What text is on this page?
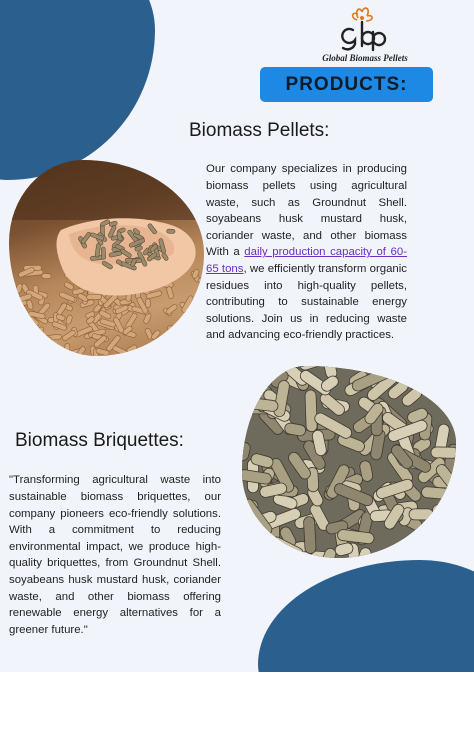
Global Biomass Pellets
PRODUCTS:
Biomass Pellets:

Our company specializes in producing biomass pellets using agricultural waste, such as Groundnut Shell. soyabeans husk mustard husk, coriander waste, and other biomass With a daily production capacity of 60-65 tons, we efficiently transform organic residues into high-quality pellets, contributing to sustainable energy solutions. Join us in reducing waste and advancing eco-friendly practices.

Biomass Briquettes:

"Transforming agricultural waste into sustainable biomass briquettes, our company pioneers eco-friendly solutions. With a commitment to reducing environmental impact, we produce high-quality briquettes, from Groundnut Shell. soyabeans husk mustard husk, coriander waste, and other biomass offering renewable energy alternatives for a greener future."
